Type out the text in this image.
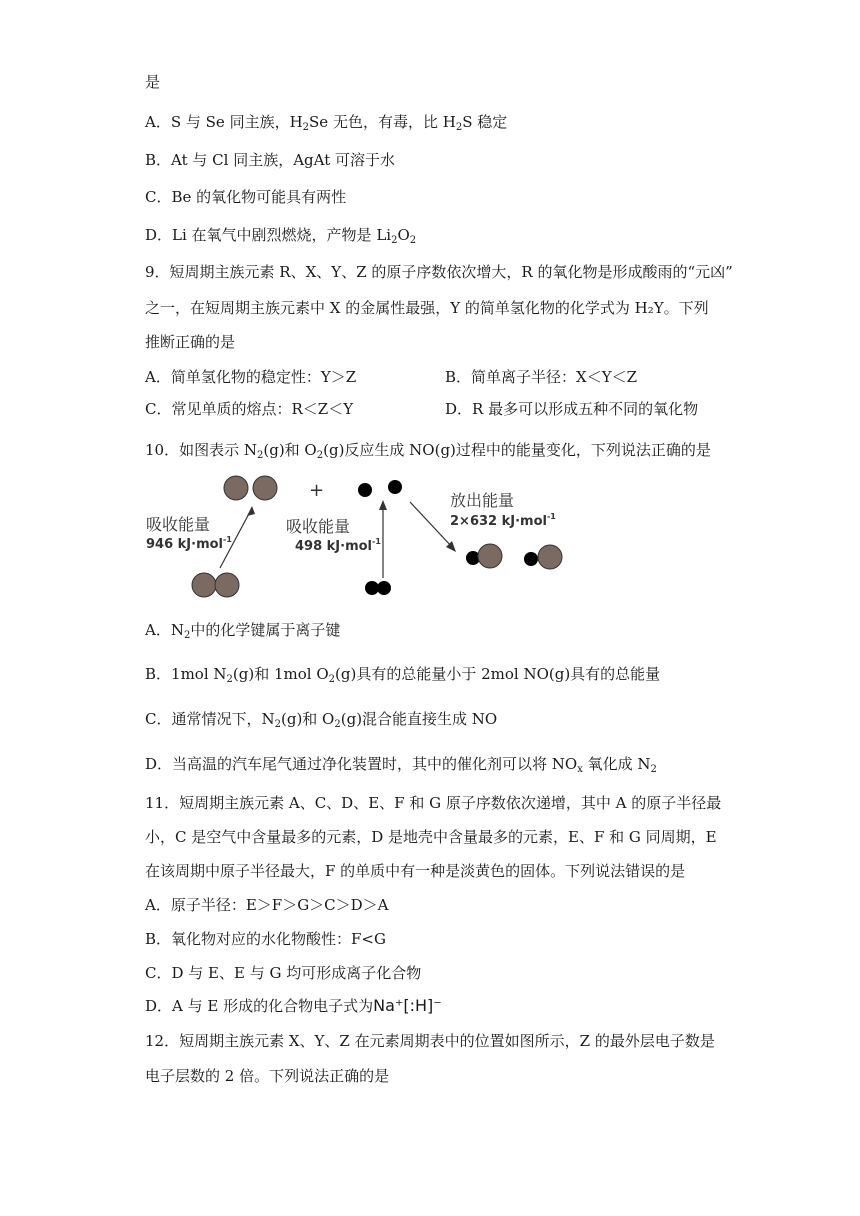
是
A．S 与 Se 同主族，$H_2Se$ 无色，有毒，比 $H_2S$ 稳定
B．At 与 Cl 同主族，AgAt 可溶于水
C．Be 的氧化物可能具有两性
D．Li 在氧气中剧烈燃烧，产物是 $Li_2O_2$
9．短周期主族元素 R、X、Y、Z 的原子序数依次增大，R 的氧化物是形成酸雨的“元凶”
之一，在短周期主族元素中 X 的金属性最强，Y 的简单氢化物的化学式为 H₂Y。下列
推断正确的是
A．简单氢化物的稳定性：Y＞Z	B．简单离子半径：X＜Y＜Z
C．常见单质的熔点：R＜Z＜Y	D．R 最多可以形成五种不同的氧化物
10．如图表示 $N_2(g)$和 $O_2(g)$反应生成 NO(g)过程中的能量变化，下列说法正确的是
+
吸收能量
946 kJ·mol$^{-1}$
吸收能量
498 kJ·mol$^{-1}$
放出能量
2×632 kJ·mol$^{-1}$
A．$N_2$中的化学键属于离子键
B．1mol $N_2(g)$和 1mol $O_2(g)$具有的总能量小于 2mol NO(g)具有的总能量
C．通常情况下，$N_2(g)$和 $O_2(g)$混合能直接生成 NO
D．当高温的汽车尾气通过净化装置时，其中的催化剂可以将 $NO_x$ 氧化成 $N_2$
11．短周期主族元素 A、C、D、E、F 和 G 原子序数依次递增，其中 A 的原子半径最
小，C 是空气中含量最多的元素，D 是地壳中含量最多的元素，E、F 和 G 同周期，E
在该周期中原子半径最大，F 的单质中有一种是淡黄色的固体。下列说法错误的是
A．原子半径：E＞F＞G＞C＞D＞A
B．氧化物对应的水化物酸性：F<G
C．D 与 E、E 与 G 均可形成离子化合物
D．A 与 E 形成的化合物电子式为Na⁺[:H]⁻
12．短周期主族元素 X、Y、Z 在元素周期表中的位置如图所示，Z 的最外层电子数是
电子层数的 2 倍。下列说法正确的是
